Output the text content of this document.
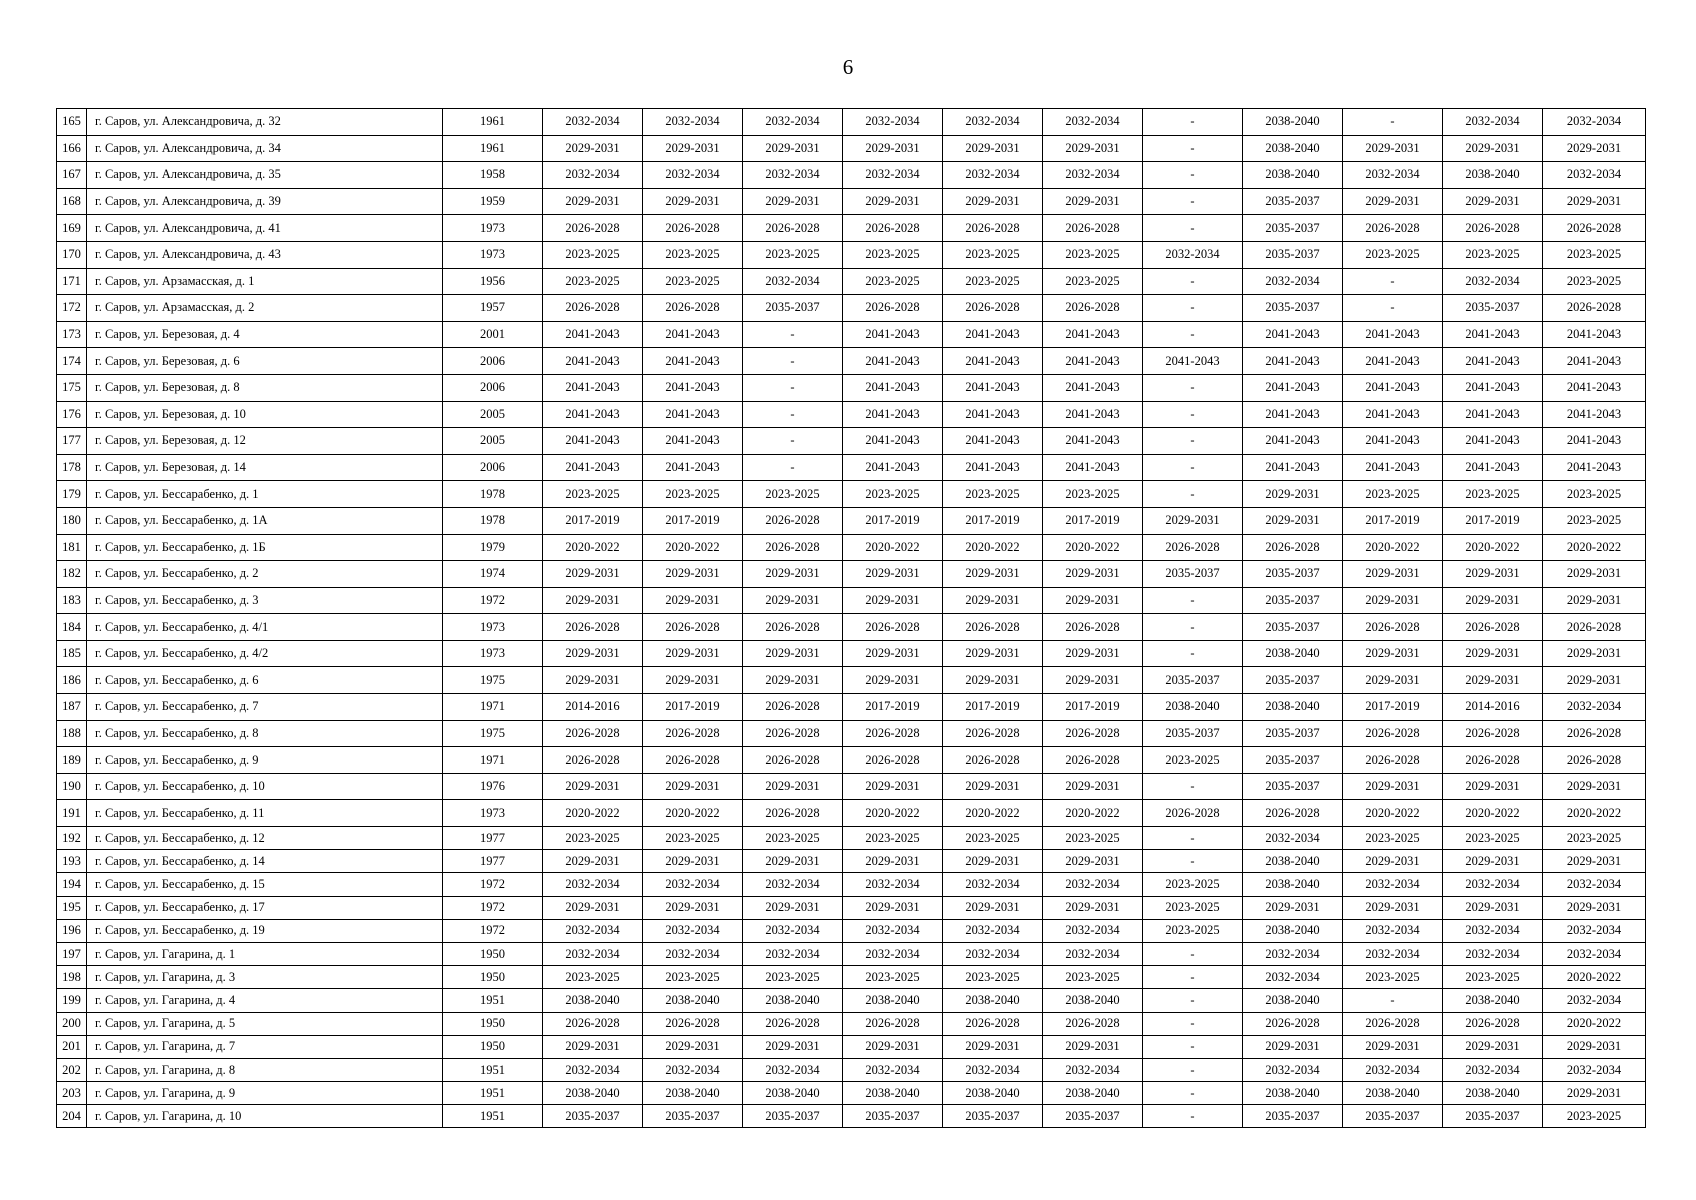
6
165	г. Саров, ул. Александровича, д. 32	1961	2032-2034	2032-2034	2032-2034	2032-2034	2032-2034	2032-2034	-	2038-2040	-	2032-2034	2032-2034
166	г. Саров, ул. Александровича, д. 34	1961	2029-2031	2029-2031	2029-2031	2029-2031	2029-2031	2029-2031	-	2038-2040	2029-2031	2029-2031	2029-2031
167	г. Саров, ул. Александровича, д. 35	1958	2032-2034	2032-2034	2032-2034	2032-2034	2032-2034	2032-2034	-	2038-2040	2032-2034	2038-2040	2032-2034
168	г. Саров, ул. Александровича, д. 39	1959	2029-2031	2029-2031	2029-2031	2029-2031	2029-2031	2029-2031	-	2035-2037	2029-2031	2029-2031	2029-2031
169	г. Саров, ул. Александровича, д. 41	1973	2026-2028	2026-2028	2026-2028	2026-2028	2026-2028	2026-2028	-	2035-2037	2026-2028	2026-2028	2026-2028
170	г. Саров, ул. Александровича, д. 43	1973	2023-2025	2023-2025	2023-2025	2023-2025	2023-2025	2023-2025	2032-2034	2035-2037	2023-2025	2023-2025	2023-2025
171	г. Саров, ул. Арзамасская, д. 1	1956	2023-2025	2023-2025	2032-2034	2023-2025	2023-2025	2023-2025	-	2032-2034	-	2032-2034	2023-2025
172	г. Саров, ул. Арзамасская, д. 2	1957	2026-2028	2026-2028	2035-2037	2026-2028	2026-2028	2026-2028	-	2035-2037	-	2035-2037	2026-2028
173	г. Саров, ул. Березовая, д. 4	2001	2041-2043	2041-2043	-	2041-2043	2041-2043	2041-2043	-	2041-2043	2041-2043	2041-2043	2041-2043
174	г. Саров, ул. Березовая, д. 6	2006	2041-2043	2041-2043	-	2041-2043	2041-2043	2041-2043	2041-2043	2041-2043	2041-2043	2041-2043	2041-2043
175	г. Саров, ул. Березовая, д. 8	2006	2041-2043	2041-2043	-	2041-2043	2041-2043	2041-2043	-	2041-2043	2041-2043	2041-2043	2041-2043
176	г. Саров, ул. Березовая, д. 10	2005	2041-2043	2041-2043	-	2041-2043	2041-2043	2041-2043	-	2041-2043	2041-2043	2041-2043	2041-2043
177	г. Саров, ул. Березовая, д. 12	2005	2041-2043	2041-2043	-	2041-2043	2041-2043	2041-2043	-	2041-2043	2041-2043	2041-2043	2041-2043
178	г. Саров, ул. Березовая, д. 14	2006	2041-2043	2041-2043	-	2041-2043	2041-2043	2041-2043	-	2041-2043	2041-2043	2041-2043	2041-2043
179	г. Саров, ул. Бессарабенко, д. 1	1978	2023-2025	2023-2025	2023-2025	2023-2025	2023-2025	2023-2025	-	2029-2031	2023-2025	2023-2025	2023-2025
180	г. Саров, ул. Бессарабенко, д. 1А	1978	2017-2019	2017-2019	2026-2028	2017-2019	2017-2019	2017-2019	2029-2031	2029-2031	2017-2019	2017-2019	2023-2025
181	г. Саров, ул. Бессарабенко, д. 1Б	1979	2020-2022	2020-2022	2026-2028	2020-2022	2020-2022	2020-2022	2026-2028	2026-2028	2020-2022	2020-2022	2020-2022
182	г. Саров, ул. Бессарабенко, д. 2	1974	2029-2031	2029-2031	2029-2031	2029-2031	2029-2031	2029-2031	2035-2037	2035-2037	2029-2031	2029-2031	2029-2031
183	г. Саров, ул. Бессарабенко, д. 3	1972	2029-2031	2029-2031	2029-2031	2029-2031	2029-2031	2029-2031	-	2035-2037	2029-2031	2029-2031	2029-2031
184	г. Саров, ул. Бессарабенко, д. 4/1	1973	2026-2028	2026-2028	2026-2028	2026-2028	2026-2028	2026-2028	-	2035-2037	2026-2028	2026-2028	2026-2028
185	г. Саров, ул. Бессарабенко, д. 4/2	1973	2029-2031	2029-2031	2029-2031	2029-2031	2029-2031	2029-2031	-	2038-2040	2029-2031	2029-2031	2029-2031
186	г. Саров, ул. Бессарабенко, д. 6	1975	2029-2031	2029-2031	2029-2031	2029-2031	2029-2031	2029-2031	2035-2037	2035-2037	2029-2031	2029-2031	2029-2031
187	г. Саров, ул. Бессарабенко, д. 7	1971	2014-2016	2017-2019	2026-2028	2017-2019	2017-2019	2017-2019	2038-2040	2038-2040	2017-2019	2014-2016	2032-2034
188	г. Саров, ул. Бессарабенко, д. 8	1975	2026-2028	2026-2028	2026-2028	2026-2028	2026-2028	2026-2028	2035-2037	2035-2037	2026-2028	2026-2028	2026-2028
189	г. Саров, ул. Бессарабенко, д. 9	1971	2026-2028	2026-2028	2026-2028	2026-2028	2026-2028	2026-2028	2023-2025	2035-2037	2026-2028	2026-2028	2026-2028
190	г. Саров, ул. Бессарабенко, д. 10	1976	2029-2031	2029-2031	2029-2031	2029-2031	2029-2031	2029-2031	-	2035-2037	2029-2031	2029-2031	2029-2031
191	г. Саров, ул. Бессарабенко, д. 11	1973	2020-2022	2020-2022	2026-2028	2020-2022	2020-2022	2020-2022	2026-2028	2026-2028	2020-2022	2020-2022	2020-2022
192	г. Саров, ул. Бессарабенко, д. 12	1977	2023-2025	2023-2025	2023-2025	2023-2025	2023-2025	2023-2025	-	2032-2034	2023-2025	2023-2025	2023-2025
193	г. Саров, ул. Бессарабенко, д. 14	1977	2029-2031	2029-2031	2029-2031	2029-2031	2029-2031	2029-2031	-	2038-2040	2029-2031	2029-2031	2029-2031
194	г. Саров, ул. Бессарабенко, д. 15	1972	2032-2034	2032-2034	2032-2034	2032-2034	2032-2034	2032-2034	2023-2025	2038-2040	2032-2034	2032-2034	2032-2034
195	г. Саров, ул. Бессарабенко, д. 17	1972	2029-2031	2029-2031	2029-2031	2029-2031	2029-2031	2029-2031	2023-2025	2029-2031	2029-2031	2029-2031	2029-2031
196	г. Саров, ул. Бессарабенко, д. 19	1972	2032-2034	2032-2034	2032-2034	2032-2034	2032-2034	2032-2034	2023-2025	2038-2040	2032-2034	2032-2034	2032-2034
197	г. Саров, ул. Гагарина, д. 1	1950	2032-2034	2032-2034	2032-2034	2032-2034	2032-2034	2032-2034	-	2032-2034	2032-2034	2032-2034	2032-2034
198	г. Саров, ул. Гагарина, д. 3	1950	2023-2025	2023-2025	2023-2025	2023-2025	2023-2025	2023-2025	-	2032-2034	2023-2025	2023-2025	2020-2022
199	г. Саров, ул. Гагарина, д. 4	1951	2038-2040	2038-2040	2038-2040	2038-2040	2038-2040	2038-2040	-	2038-2040	-	2038-2040	2032-2034
200	г. Саров, ул. Гагарина, д. 5	1950	2026-2028	2026-2028	2026-2028	2026-2028	2026-2028	2026-2028	-	2026-2028	2026-2028	2026-2028	2020-2022
201	г. Саров, ул. Гагарина, д. 7	1950	2029-2031	2029-2031	2029-2031	2029-2031	2029-2031	2029-2031	-	2029-2031	2029-2031	2029-2031	2029-2031
202	г. Саров, ул. Гагарина, д. 8	1951	2032-2034	2032-2034	2032-2034	2032-2034	2032-2034	2032-2034	-	2032-2034	2032-2034	2032-2034	2032-2034
203	г. Саров, ул. Гагарина, д. 9	1951	2038-2040	2038-2040	2038-2040	2038-2040	2038-2040	2038-2040	-	2038-2040	2038-2040	2038-2040	2029-2031
204	г. Саров, ул. Гагарина, д. 10	1951	2035-2037	2035-2037	2035-2037	2035-2037	2035-2037	2035-2037	-	2035-2037	2035-2037	2035-2037	2023-2025
